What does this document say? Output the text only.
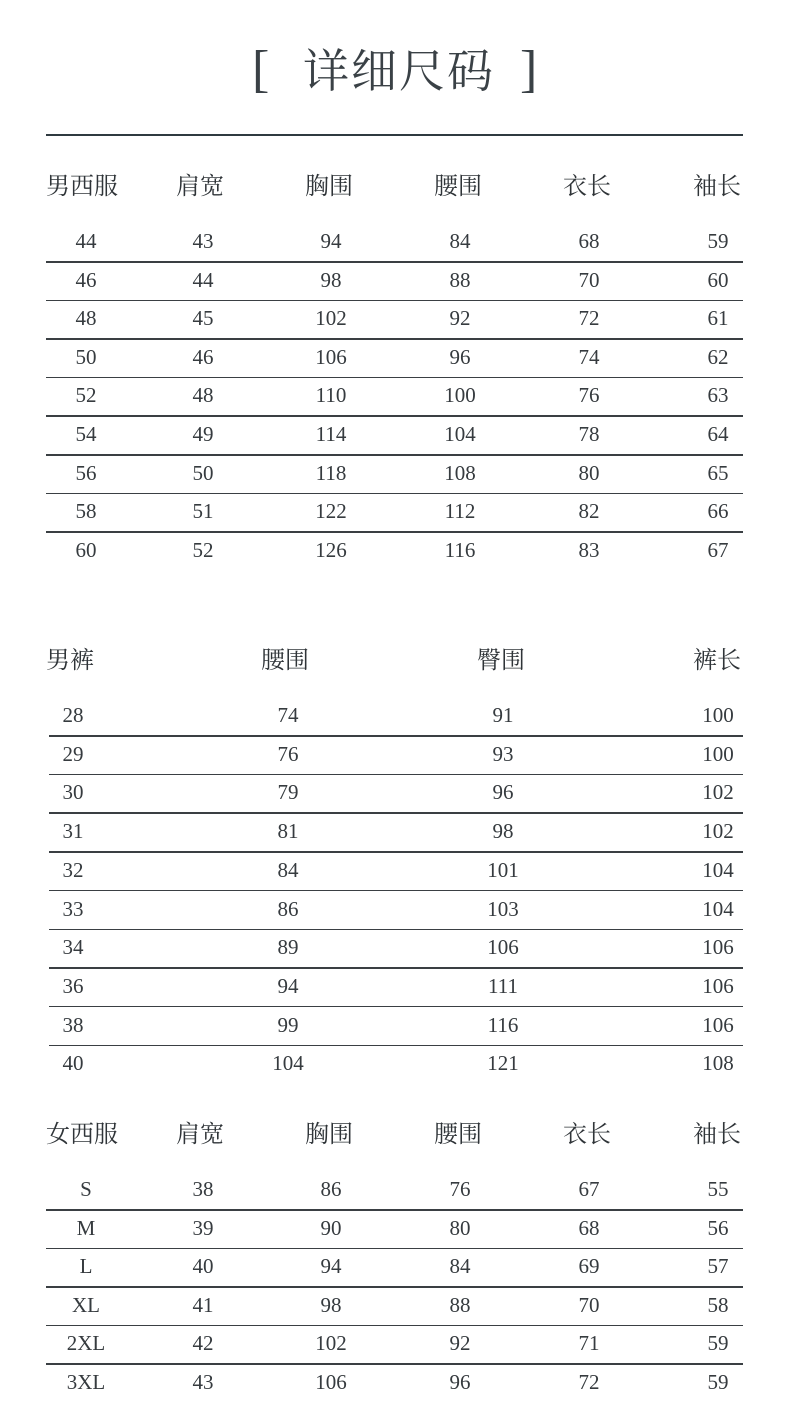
[ 详细尺码 ]
男西服 肩宽	胸围	腰围	衣长	袖长
44	43	94	84	68	59
46	44	98	88	70	60
48	45	102	92	72	61
50	46	106	96	74	62
52	48	110	100	76	63
54	49	114	104	78	64
56	50	118	108	80	65
58	51	122	112	82	66
60	52	126	116	83	67
男裤	腰围	臀围	裤长
28	74	91	100
29	76	93	100
30	79	96	102
31	81	98	102
32	84	101	104
33	86	103	104
34	89	106	106
36	94	111	106
38	99	116	106
40	104	121	108
女西服 肩宽	胸围	腰围	衣长	袖长
S	38	86	76	67	55
M	39	90	80	68	56
L	40	94	84	69	57
XL	41	98	88	70	58
2XL	42	102	92	71	59
3XL	43	106	96	72	59
